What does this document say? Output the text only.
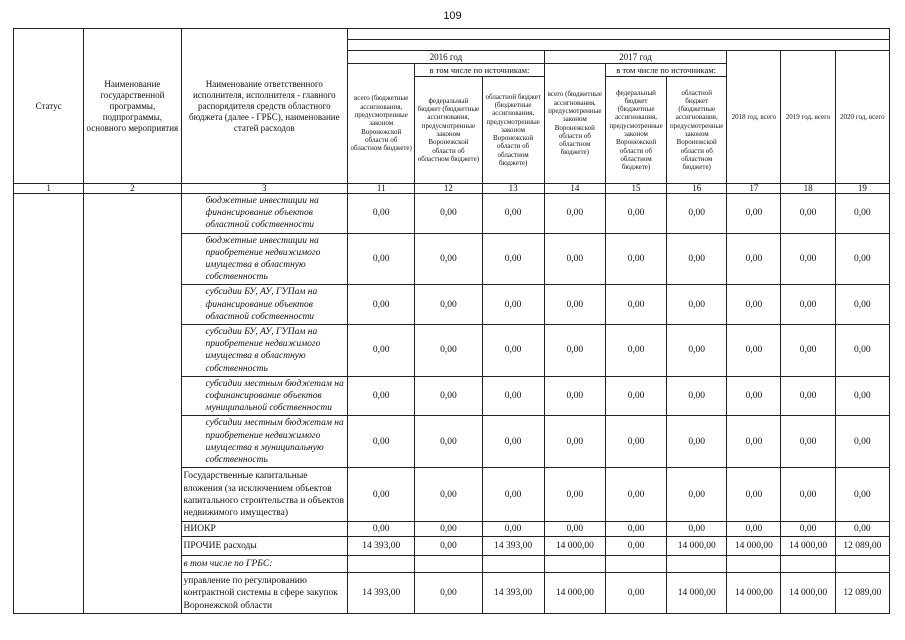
109
Статус	Наименование государственной программы, подпрограммы, основного мероприятия	Наименование ответственного исполнителя, исполнителя - главного распорядителя средств областного бюджета (далее - ГРБС), наименование статей расходов									

			2016 год			2017 год			2018 год, всего	2019 год, всего	2020 год, всего
			всего (бюджетные ассигнования, предусмотренные законом Воронежской области об областном бюджете)	в том числе по источникам:		всего (бюджетные ассигнования, предусмотренные законом Воронежской области об областном бюджете)	в том числе по источникам:				
				федеральный бюджет (бюджетные ассигнования, предусмотренные законом Воронежской области об областном бюджете)	областной бюджет (бюджетные ассигнования, предусмотренные законом Воронежской области об областном бюджете)		федеральный бюджет (бюджетные ассигнования, предусмотренные законом Воронежской области об областном бюджете)	областной бюджет (бюджетные ассигнования, предусмотренные законом Воронежской области об областном бюджете)			
1	2	3	11	12	13	14	15	16	17	18	19
		бюджетные инвестиции на финансирование объектов областной собственности	0,00	0,00	0,00	0,00	0,00	0,00	0,00	0,00	0,00
		бюджетные инвестиции на приобретение недвижимого имущества в областную собственность	0,00	0,00	0,00	0,00	0,00	0,00	0,00	0,00	0,00
		субсидии БУ, АУ, ГУПам на финансирование объектов областной собственности	0,00	0,00	0,00	0,00	0,00	0,00	0,00	0,00	0,00
		субсидии БУ, АУ, ГУПам на приобретение недвижимого имущества в областную собственность	0,00	0,00	0,00	0,00	0,00	0,00	0,00	0,00	0,00
		субсидии местным бюджетам на софинансирование объектов муниципальной собственности	0,00	0,00	0,00	0,00	0,00	0,00	0,00	0,00	0,00
		субсидии местным бюджетам на приобретение недвижимого имущества в муниципальную собственность	0,00	0,00	0,00	0,00	0,00	0,00	0,00	0,00	0,00
		Государственные капитальные вложения (за исключением объектов капитального строительства и объектов недвижимого имущества)	0,00	0,00	0,00	0,00	0,00	0,00	0,00	0,00	0,00
		НИОКР	0,00	0,00	0,00	0,00	0,00	0,00	0,00	0,00	0,00
		ПРОЧИЕ расходы	14 393,00	0,00	14 393,00	14 000,00	0,00	14 000,00	14 000,00	14 000,00	12 089,00
		в том числе по ГРБС:									
		управление по регулированию контрактной системы в сфере закупок Воронежской области	14 393,00	0,00	14 393,00	14 000,00	0,00	14 000,00	14 000,00	14 000,00	12 089,00
